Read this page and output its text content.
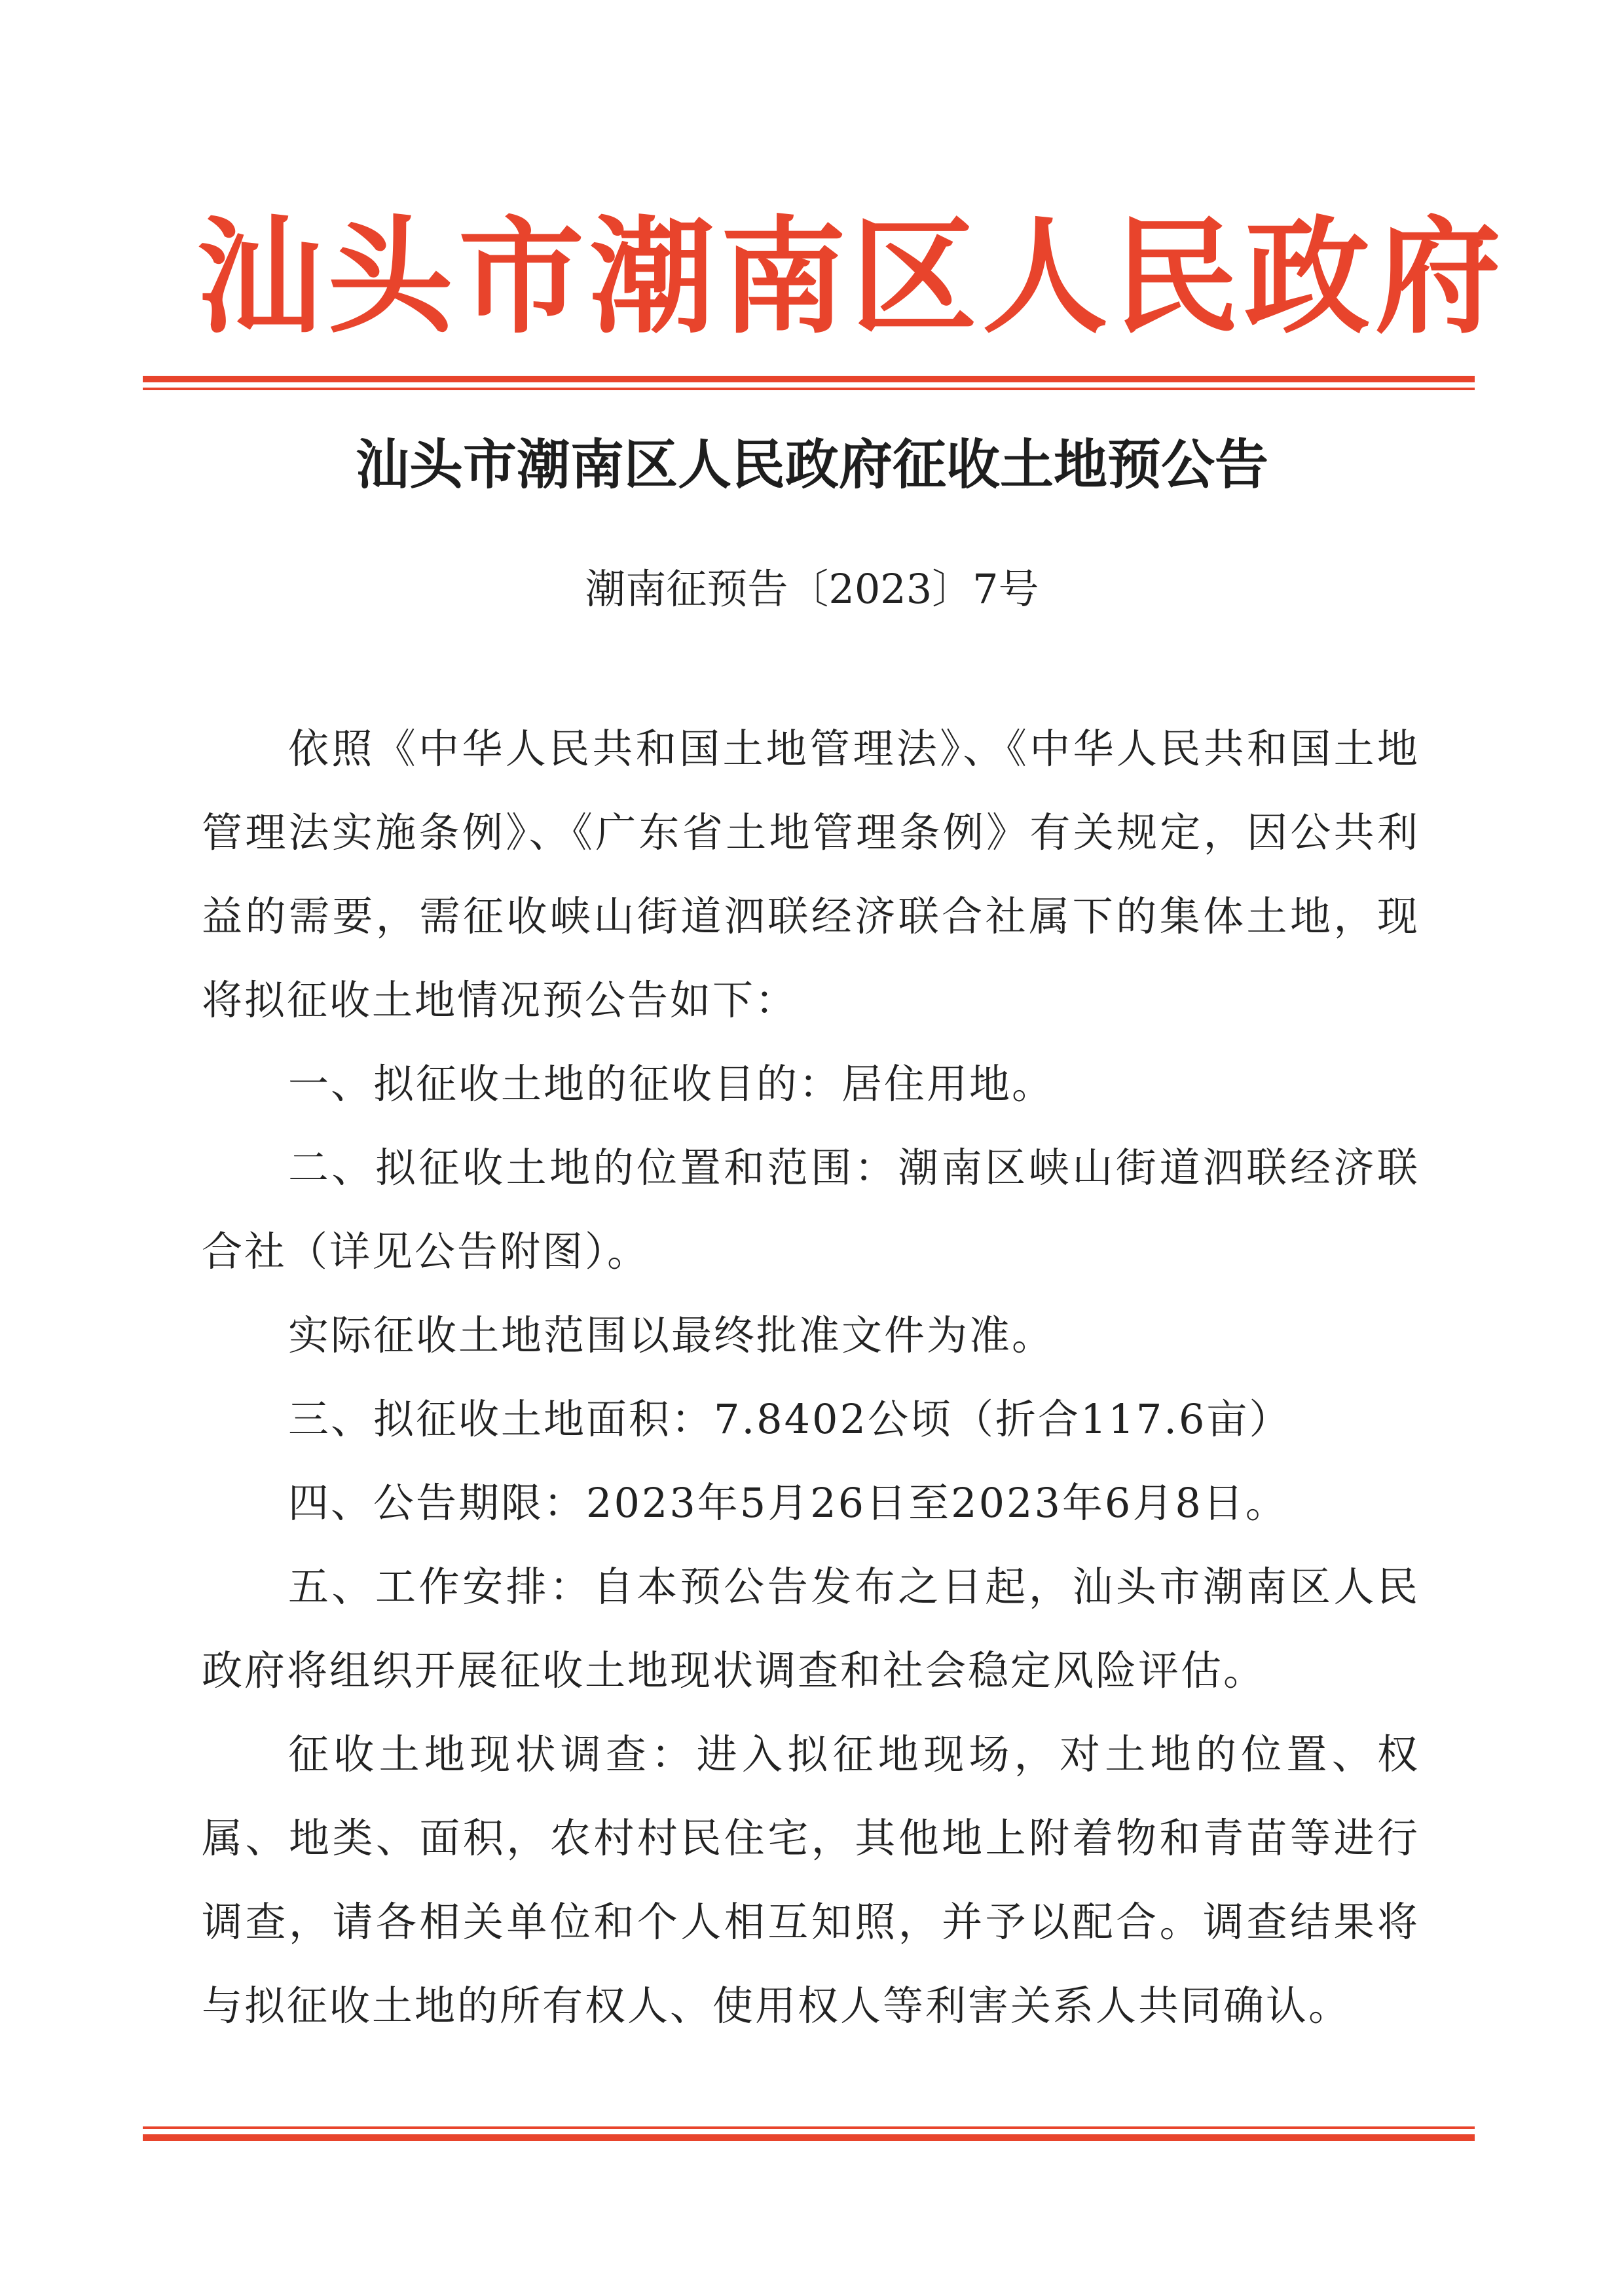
汕头市潮南区人民政府
汕头市潮南区人民政府征收土地预公告

潮南征预告〔2023〕7号

依照《中华人民共和国土地管理法》、《中华人民共和国土地管理法实施条例》、《广东省土地管理条例》有关规定，因公共利益的需要，需征收峡山街道泗联经济联合社属下的集体土地，现将拟征收土地情况预公告如下：

一、拟征收土地的征收目的：居住用地。

二、拟征收土地的位置和范围：潮南区峡山街道泗联经济联合社（详见公告附图）。

实际征收土地范围以最终批准文件为准。

三、拟征收土地面积：7.8402公顷（折合117.6亩）

四、公告期限：2023年5月26日至2023年6月8日。

五、工作安排：自本预公告发布之日起，汕头市潮南区人民政府将组织开展征收土地现状调查和社会稳定风险评估。

征收土地现状调查：进入拟征地现场，对土地的位置、权属、地类、面积，农村村民住宅，其他地上附着物和青苗等进行调查，请各相关单位和个人相互知照，并予以配合。调查结果将与拟征收土地的所有权人、使用权人等利害关系人共同确认。
